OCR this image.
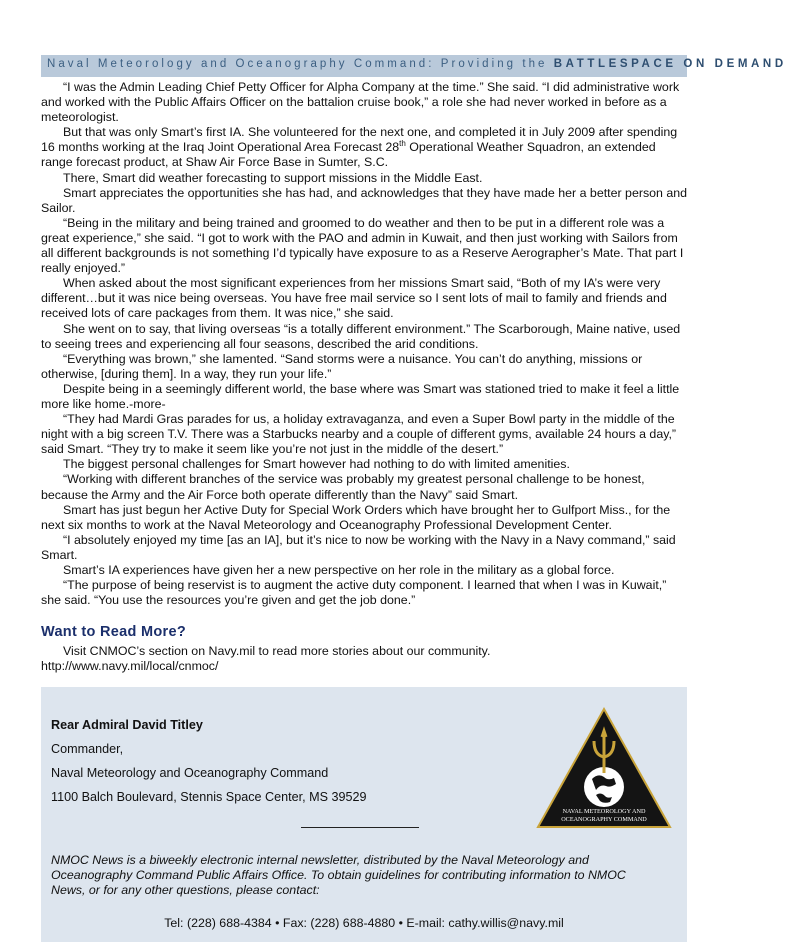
Naval Meteorology and Oceanography Command: Providing the BATTLESPACE ON DEMAND

“I was the Admin Leading Chief Petty Officer for Alpha Company at the time.” She said. “I did administrative work and worked with the Public Affairs Officer on the battalion cruise book,” a role she had never worked in before as a meteorologist.

But that was only Smart’s first IA. She volunteered for the next one, and completed it in July 2009 after spending 16 months working at the Iraq Joint Operational Area Forecast 28th Operational Weather Squadron, an extended range forecast product, at Shaw Air Force Base in Sumter, S.C.

There, Smart did weather forecasting to support missions in the Middle East.

Smart appreciates the opportunities she has had, and acknowledges that they have made her a better person and Sailor.

“Being in the military and being trained and groomed to do weather and then to be put in a different role was a great experience,” she said. “I got to work with the PAO and admin in Kuwait, and then just working with Sailors from all different backgrounds is not something I’d typically have exposure to as a Reserve Aerographer’s Mate. That part I really enjoyed.”

When asked about the most significant experiences from her missions Smart said, “Both of my IA’s were very different…but it was nice being overseas. You have free mail service so I sent lots of mail to family and friends and received lots of care packages from them. It was nice,” she said.

She went on to say, that living overseas “is a totally different environment.” The Scarborough, Maine native, used to seeing trees and experiencing all four seasons, described the arid conditions.

“Everything was brown,” she lamented. “Sand storms were a nuisance. You can’t do anything, missions or otherwise, [during them]. In a way, they run your life.”

Despite being in a seemingly different world, the base where was Smart was stationed tried to make it feel a little more like home.-more-

“They had Mardi Gras parades for us, a holiday extravaganza, and even a Super Bowl party in the middle of the night with a big screen T.V. There was a Starbucks nearby and a couple of different gyms, available 24 hours a day,” said Smart. “They try to make it seem like you’re not just in the middle of the desert.”

The biggest personal challenges for Smart however had nothing to do with limited amenities.

“Working with different branches of the service was probably my greatest personal challenge to be honest, because the Army and the Air Force both operate differently than the Navy” said Smart.

Smart has just begun her Active Duty for Special Work Orders which have brought her to Gulfport Miss., for the next six months to work at the Naval Meteorology and Oceanography Professional Development Center.

“I absolutely enjoyed my time [as an IA], but it’s nice to now be working with the Navy in a Navy command,” said Smart.

Smart’s IA experiences have given her a new perspective on her role in the military as a global force.

“The purpose of being reservist is to augment the active duty component. I learned that when I was in Kuwait,” she said. “You use the resources you’re given and get the job done.”

Want to Read More?

Visit CNMOC’s section on Navy.mil to read more stories about our community.

http://www.navy.mil/local/cnmoc/

Rear Admiral David Titley
Commander,
Naval Meteorology and Oceanography Command
1100 Balch Boulevard, Stennis Space Center, MS 39529
NAVAL METEOROLOGY AND
OCEANOGRAPHY COMMAND
NMOC News is a biweekly electronic internal newsletter, distributed by the Naval Meteorology and Oceanography Command Public Affairs Office. To obtain guidelines for contributing information to NMOC News, or for any other questions, please contact:
Tel: (228) 688-4384 • Fax: (228) 688-4880 • E-mail: cathy.willis@navy.mil
